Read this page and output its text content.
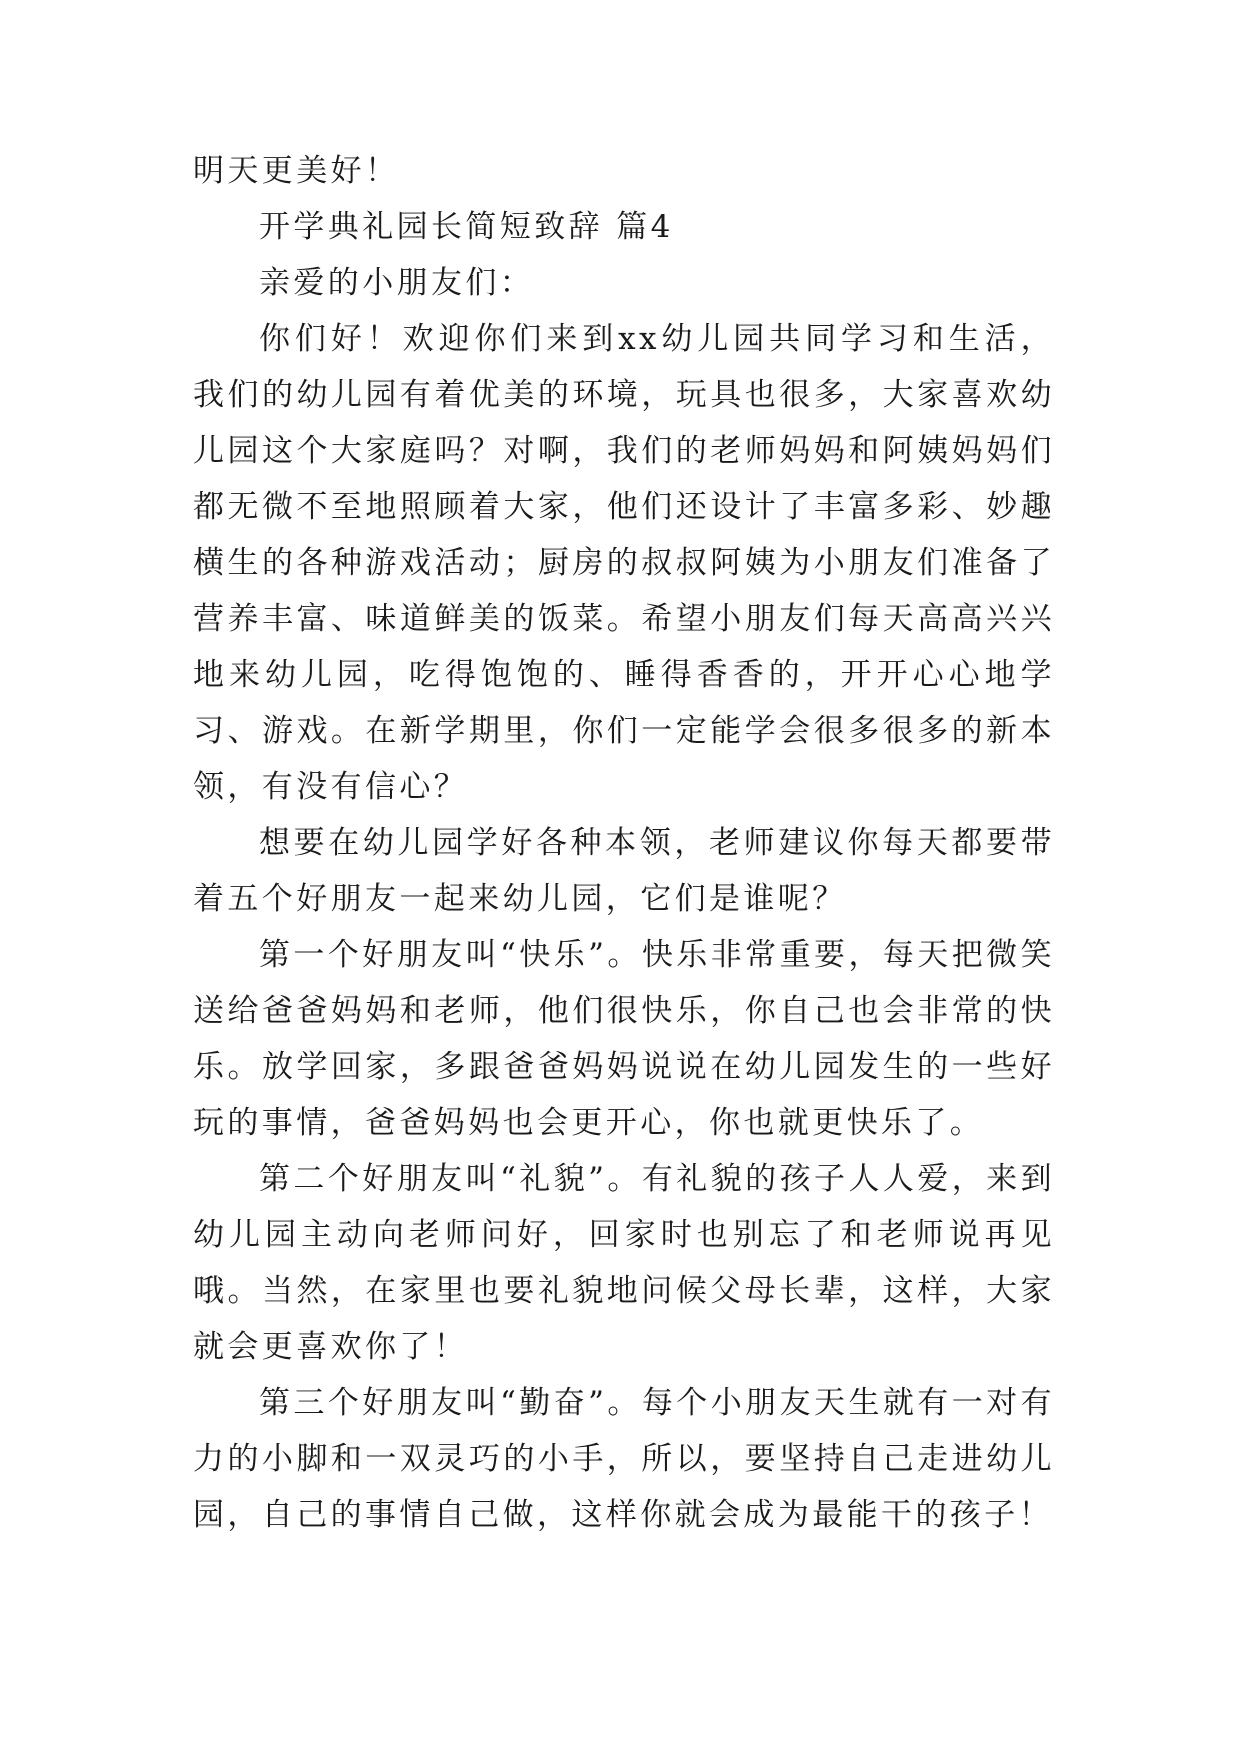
明天更美好！

开学典礼园长简短致辞 篇4

亲爱的小朋友们：

你们好！欢迎你们来到xx幼儿园共同学习和生活，我们的幼儿园有着优美的环境，玩具也很多，大家喜欢幼儿园这个大家庭吗？对啊，我们的老师妈妈和阿姨妈妈们都无微不至地照顾着大家，他们还设计了丰富多彩、妙趣横生的各种游戏活动；厨房的叔叔阿姨为小朋友们准备了营养丰富、味道鲜美的饭菜。希望小朋友们每天高高兴兴地来幼儿园，吃得饱饱的、睡得香香的，开开心心地学习、游戏。在新学期里，你们一定能学会很多很多的新本领，有没有信心？

想要在幼儿园学好各种本领，老师建议你每天都要带着五个好朋友一起来幼儿园，它们是谁呢？

第一个好朋友叫“快乐”。快乐非常重要，每天把微笑送给爸爸妈妈和老师，他们很快乐，你自己也会非常的快乐。放学回家，多跟爸爸妈妈说说在幼儿园发生的一些好玩的事情，爸爸妈妈也会更开心，你也就更快乐了。

第二个好朋友叫“礼貌”。有礼貌的孩子人人爱，来到幼儿园主动向老师问好，回家时也别忘了和老师说再见哦。当然，在家里也要礼貌地问候父母长辈，这样，大家就会更喜欢你了！

第三个好朋友叫“勤奋”。每个小朋友天生就有一对有力的小脚和一双灵巧的小手，所以，要坚持自己走进幼儿园，自己的事情自己做，这样你就会成为最能干的孩子！
